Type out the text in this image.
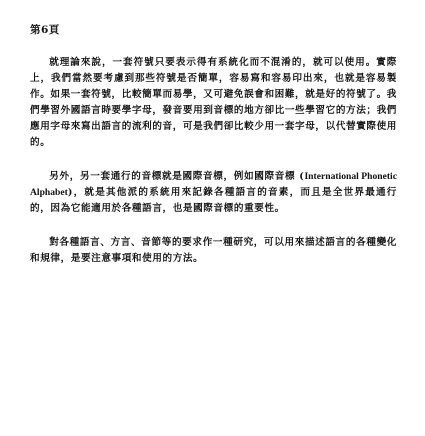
第6頁

就理論來說，一套符號只要表示得有系統化而不混淆的，就可以使用。實際上，我們當然要考慮到那些符號是否簡單，容易寫和容易印出來，也就是容易製作。如果一套符號，比較簡單而易學，又可避免誤會和困難，就是好的符號了。我們學習外國語言時要學字母，發音要用到音標的地方卻比一些學習它的方法；我們應用字母來寫出語言的流利的音，可是我們卻比較少用一套字母，以代替實際使用的。

另外，另一套通行的音標就是國際音標，例如國際音標 (International Phonetic Alphabet)，就是其他派的系統用來記錄各種語言的音素，而且是全世界最通行的，因為它能適用於各種語言，也是國際音標的重要性。

對各種語言、方言、音節等的要求作一種研究，可以用來描述語言的各種變化和規律，是要注意事項和使用的方法。
